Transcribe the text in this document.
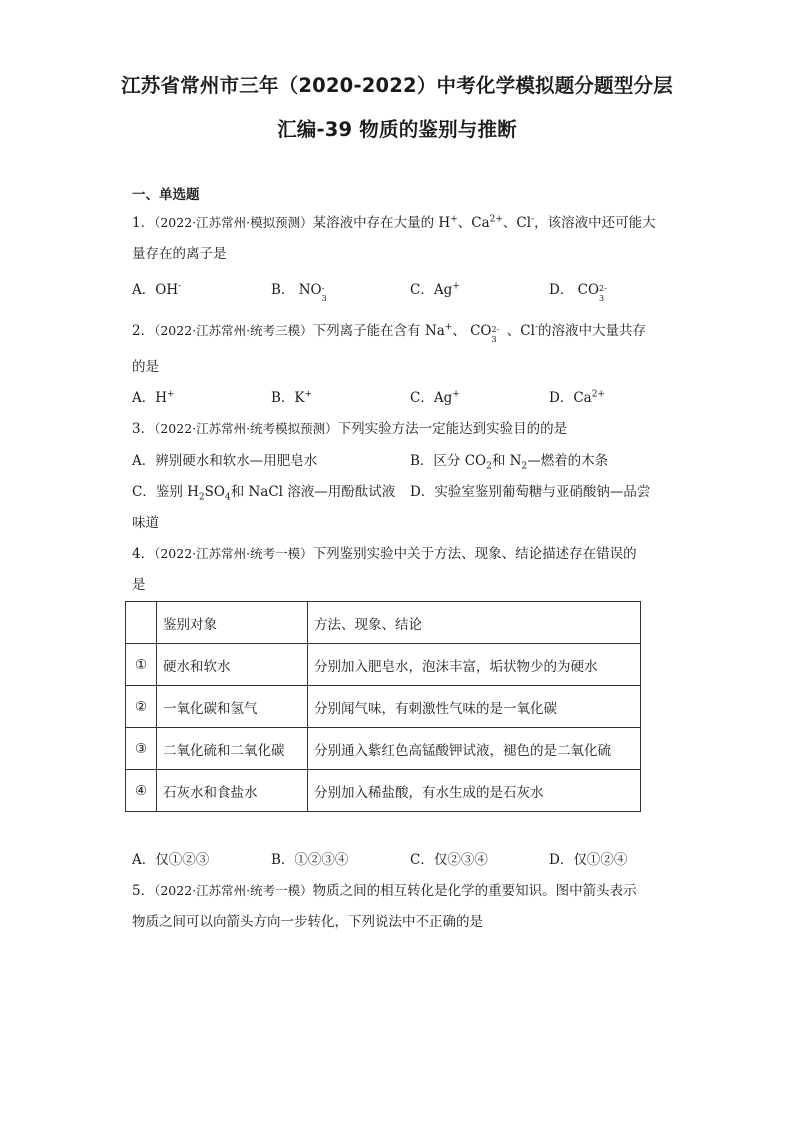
江苏省常州市三年（2020-2022）中考化学模拟题分题型分层
汇编-39 物质的鉴别与推断
一、单选题
1．（2022·江苏常州·模拟预测）某溶液中存在大量的 H+、$Ca^{2+}$、Cl-，该溶液中还可能大
量存在的离子是
A．OH-	B． NO -
3
C．Ag+	D． CO 2-
3
2．（2022·江苏常州·统考三模）下列离子能在含有 Na+、 CO 2-
3
、Cl-的溶液中大量共存
的是
A．H+	B．K+	C．Ag+	D．$Ca^{2+}$
3．（2022·江苏常州·统考模拟预测）下列实验方法一定能达到实验目的的是
A．辨别硬水和软水—用肥皂水	B．区分 $CO_2$和 $N_2—$燃着的木条
C．鉴别 $H_2SO_4$和 NaCl 溶液—用酚酞试液 D．实验室鉴别葡萄糖与亚硝酸钠—品尝
味道
4．（2022·江苏常州·统考一模）下列鉴别实验中关于方法、现象、结论描述存在错误的
是
	鉴别对象	方法、现象、结论
①	硬水和软水	分别加入肥皂水，泡沫丰富，垢状物少的为硬水
②	一氧化碳和氢气	分别闻气味，有刺激性气味的是一氧化碳
③	二氧化硫和二氧化碳	分别通入紫红色高锰酸钾试液，褪色的是二氧化硫
④	石灰水和食盐水	分别加入稀盐酸，有水生成的是石灰水
A．仅①②③	B．①②③④	C．仅②③④	D．仅①②④
5．（2022·江苏常州·统考一模）物质之间的相互转化是化学的重要知识。图中箭头表示
物质之间可以向箭头方向一步转化，下列说法中不正确的是
